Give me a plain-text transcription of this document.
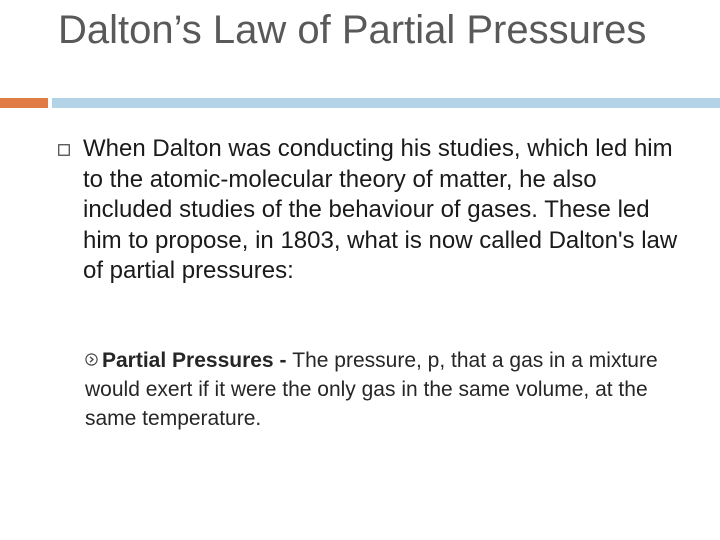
Dalton’s Law of Partial Pressures
When Dalton was conducting his studies, which led him to the atomic-molecular theory of matter, he also included studies of the behaviour of gases. These led him to propose, in 1803, what is now called Dalton's law of partial pressures:
Partial Pressures - The pressure, p, that a gas in a mixture would exert if it were the only gas in the same volume, at the same temperature.
